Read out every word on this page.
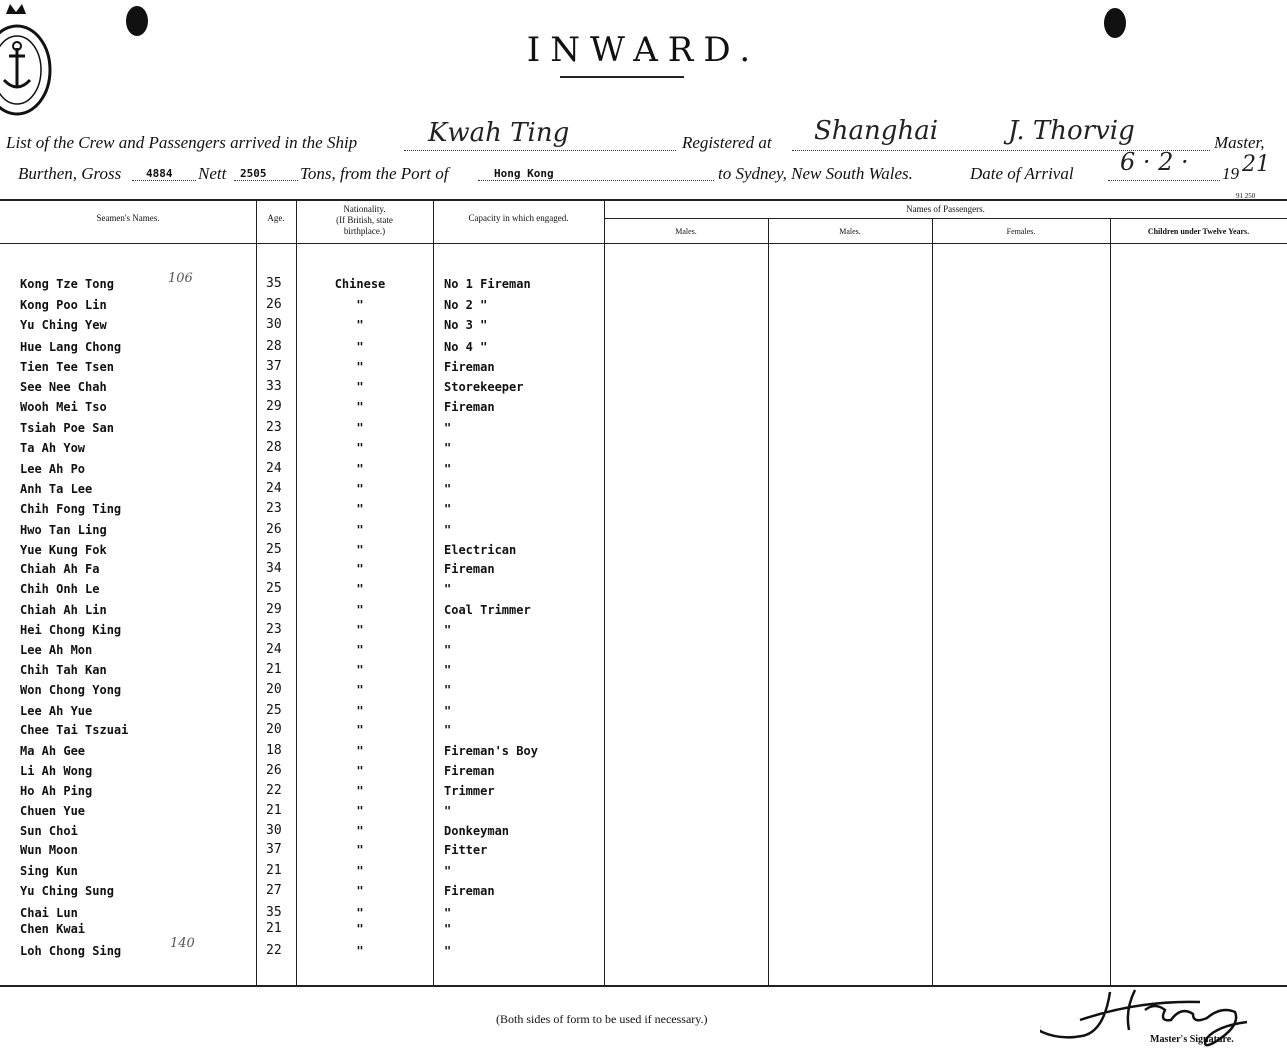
INWARD.
List of the Crew and Passengers arrived in the Ship	Kwah Ting	Registered at Shanghai	J. Thorvig	Master,
Burthen, Gross 4884 Nett 2505 Tons, from the Port of	Hong Kong	to Sydney, New South Wales.	Date of Arrival 6 · 2 · 19 21
91 250
Seamen's Names.	Age.
Nationality.
(If British, state
birthplace.)
Capacity in which engaged.
Names of Passengers.
Males.	Males.	Females.	Children under Twelve Years.
Kong Tze Tong	35	Chinese	No 1 Fireman
Kong Poo Lin	26	"	No 2 "
Yu Ching Yew	30	"	No 3 "
Hue Lang Chong	28	"	No 4 "
Tien Tee Tsen	37	"	Fireman
See Nee Chah	33	"	Storekeeper
Wooh Mei Tso	29	"	Fireman
Tsiah Poe San	23	"	"
Ta Ah Yow	28	"	"
Lee Ah Po	24	"	"
Anh Ta Lee	24	"	"
Chih Fong Ting	23	"	"
Hwo Tan Ling	26	"	"
Yue Kung Fok	25	"	Electrican
Chiah Ah Fa	34	"	Fireman
Chih Onh Le	25	"	"
Chiah Ah Lin	29	"	Coal Trimmer
Hei Chong King	23	"	"
Lee Ah Mon	24	"	"
Chih Tah Kan	21	"	"
Won Chong Yong	20	"	"
Lee Ah Yue	25	"	"
Chee Tai Tszuai	20	"	"
Ma Ah Gee	18	"	Fireman's Boy
Li Ah Wong	26	"	Fireman
Ho Ah Ping	22	"	Trimmer
Chuen Yue	21	"	"
Sun Choi	30	"	Donkeyman
Wun Moon	37	"	Fitter
Sing Kun	21	"	"
Yu Ching Sung	27	"	Fireman
Chai Lun	35	"	"
Chen Kwai	21	"	"
Loh Chong Sing	22	"	"
106
140
(Both sides of form to be used if necessary.)
Master's Signature.
